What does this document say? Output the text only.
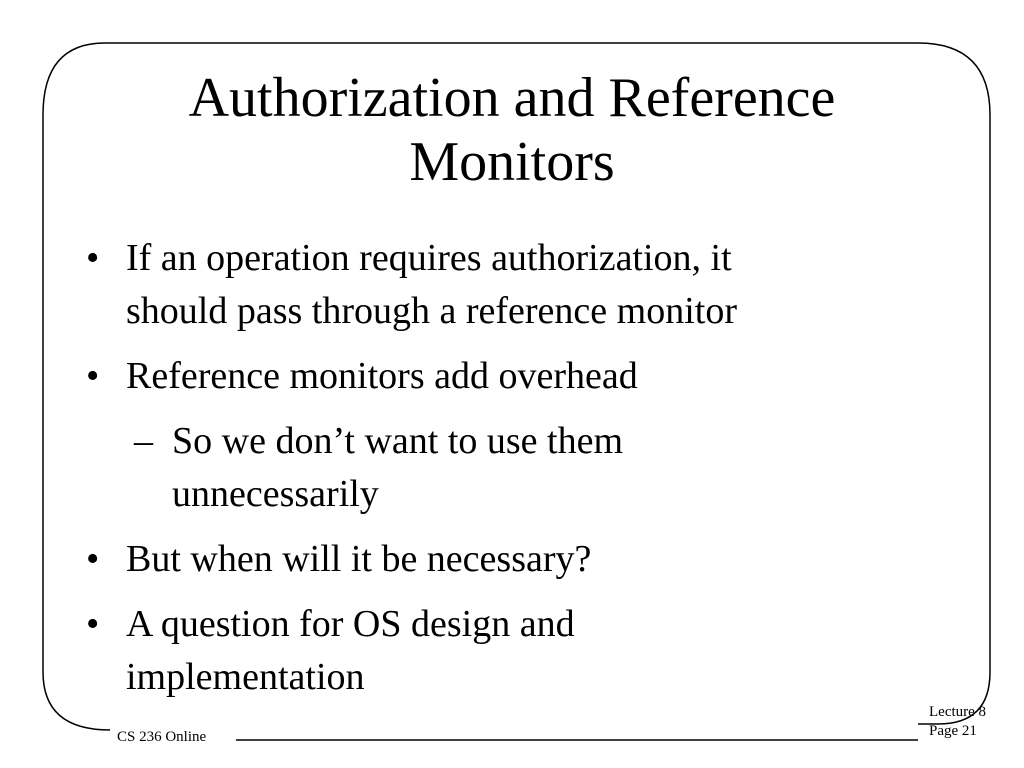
Authorization and Reference
Monitors
• If an operation requires authorization, it
should pass through a reference monitor
• Reference monitors add overhead
– So we don’t want to use them
unnecessarily
• But when will it be necessary?
• A question for OS design and
implementation
CS 236 Online
Lecture 8
Page 21
